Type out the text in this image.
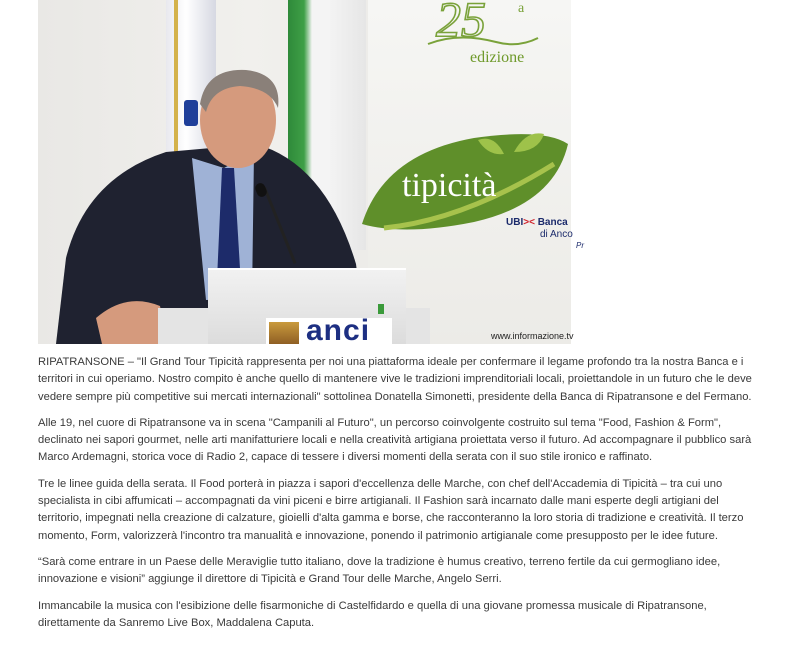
25 a
edizione
tipicità
UBI>< Banca
di Anco
Pr
anci	www.informazione.tv

RIPATRANSONE – "Il Grand Tour Tipicità rappresenta per noi una piattaforma ideale per confermare il legame profondo tra la nostra Banca e i territori in cui operiamo. Nostro compito è anche quello di mantenere vive le tradizioni imprenditoriali locali, proiettandole in un futuro che le deve vedere sempre più competitive sui mercati internazionali" sottolinea Donatella Simonetti, presidente della Banca di Ripatransone e del Fermano.

Alle 19, nel cuore di Ripatransone va in scena "Campanili al Futuro", un percorso coinvolgente costruito sul tema "Food, Fashion & Form", declinato nei sapori gourmet, nelle arti manifatturiere locali e nella creatività artigiana proiettata verso il futuro. Ad accompagnare il pubblico sarà Marco Ardemagni, storica voce di Radio 2, capace di tessere i diversi momenti della serata con il suo stile ironico e raffinato.

Tre le linee guida della serata. Il Food porterà in piazza i sapori d'eccellenza delle Marche, con chef dell'Accademia di Tipicità – tra cui uno specialista in cibi affumicati – accompagnati da vini piceni e birre artigianali. Il Fashion sarà incarnato dalle mani esperte degli artigiani del territorio, impegnati nella creazione di calzature, gioielli d'alta gamma e borse, che racconteranno la loro storia di tradizione e creatività. Il terzo momento, Form, valorizzerà l'incontro tra manualità e innovazione, ponendo il patrimonio artigianale come presupposto per le idee future.

“Sarà come entrare in un Paese delle Meraviglie tutto italiano, dove la tradizione è humus creativo, terreno fertile da cui germogliano idee, innovazione e visioni” aggiunge il direttore di Tipicità e Grand Tour delle Marche, Angelo Serri.

Immancabile la musica con l'esibizione delle fisarmoniche di Castelfidardo e quella di una giovane promessa musicale di Ripatransone, direttamente da Sanremo Live Box, Maddalena Caputa.
